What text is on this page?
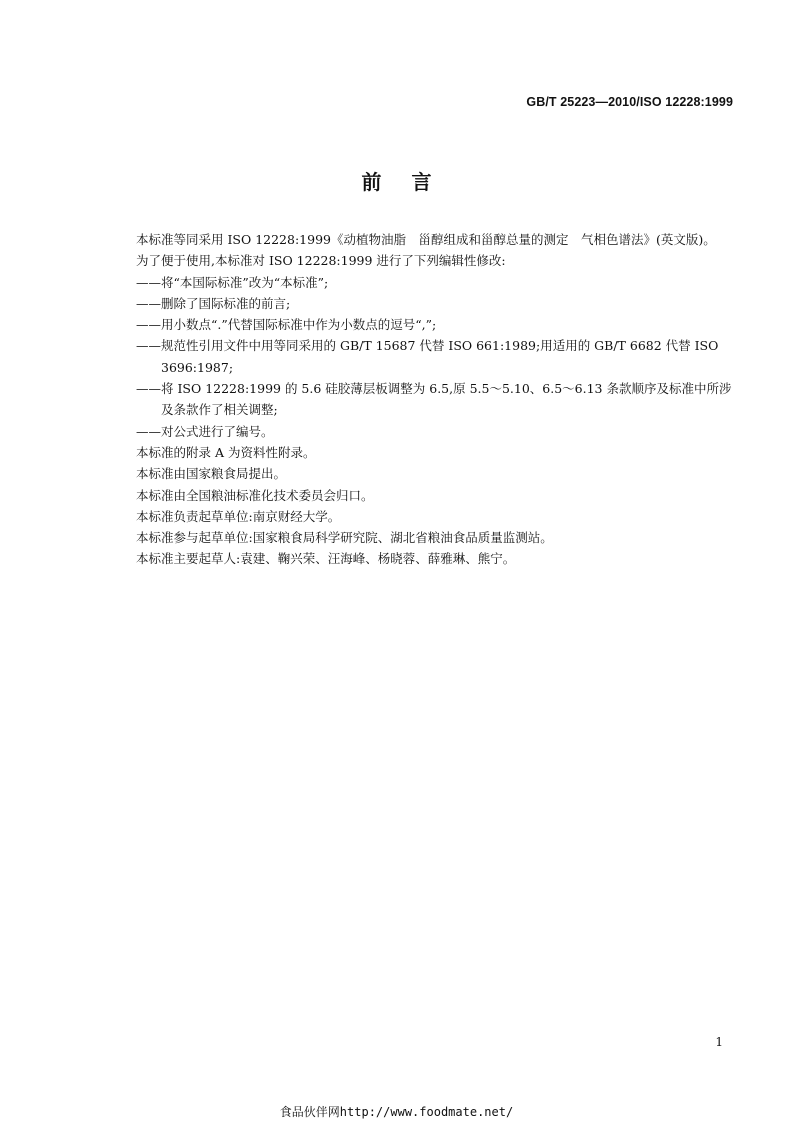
GB/T 25223—2010/ISO 12228:1999
前言

本标准等同采用 ISO 12228:1999《动植物油脂　甾醇组成和甾醇总量的测定　气相色谱法》(英文版)。

为了便于使用,本标准对 ISO 12228:1999 进行了下列编辑性修改:

——将“本国际标准”改为“本标准”;

——删除了国际标准的前言;

——用小数点“.”代替国际标准中作为小数点的逗号“,”;

——规范性引用文件中用等同采用的 GB/T 15687 代替 ISO 661:1989;用适用的 GB/T 6682 代替 ISO 3696:1987;

——将 ISO 12228:1999 的 5.6 硅胶薄层板调整为 6.5,原 5.5～5.10、6.5～6.13 条款顺序及标准中所涉及条款作了相关调整;

——对公式进行了编号。

本标准的附录 A 为资料性附录。

本标准由国家粮食局提出。

本标准由全国粮油标准化技术委员会归口。

本标准负责起草单位:南京财经大学。

本标准参与起草单位:国家粮食局科学研究院、湖北省粮油食品质量监测站。

本标准主要起草人:袁建、鞠兴荣、汪海峰、杨晓蓉、薛雅琳、熊宁。

1
食品伙伴网http://www.foodmate.net/
